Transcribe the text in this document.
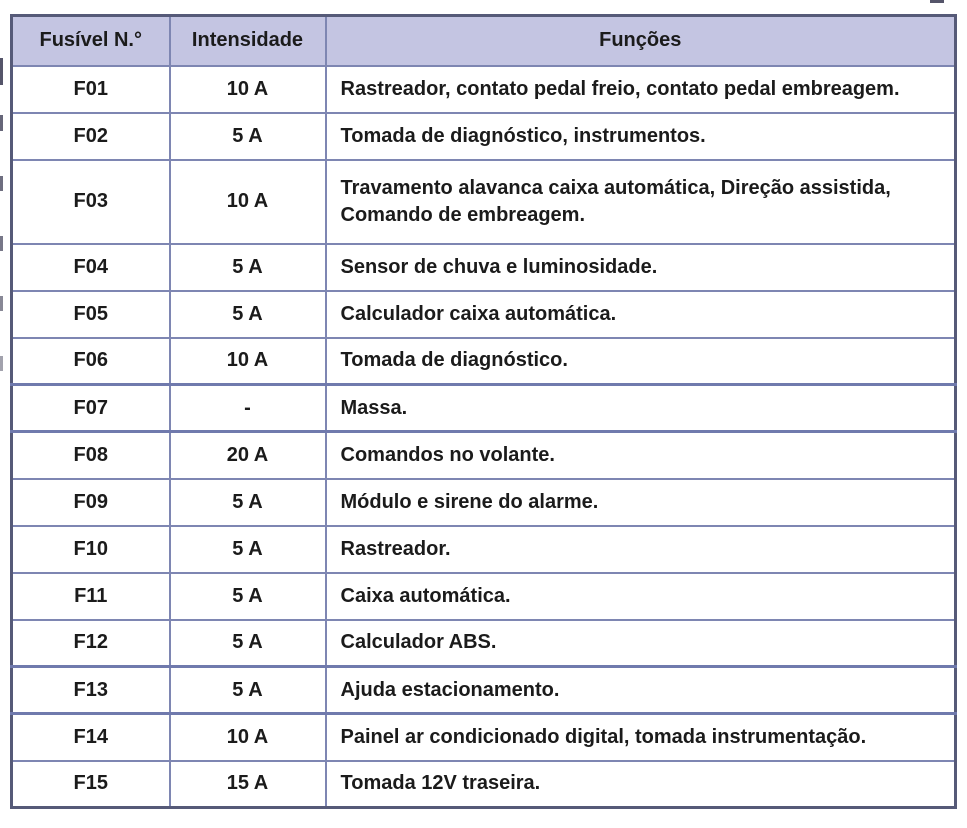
Fusível N.°	Intensidade	Funções
F01	10 A	Rastreador, contato pedal freio, contato pedal embreagem.
F02	5 A	Tomada de diagnóstico, instrumentos.
F03	10 A	Travamento alavanca caixa automática, Direção assistida, Comando de embreagem.
F04	5 A	Sensor de chuva e luminosidade.
F05	5 A	Calculador caixa automática.
F06	10 A	Tomada de diagnóstico.
F07	-	Massa.
F08	20 A	Comandos no volante.
F09	5 A	Módulo e sirene do alarme.
F10	5 A	Rastreador.
F11	5 A	Caixa automática.
F12	5 A	Calculador ABS.
F13	5 A	Ajuda estacionamento.
F14	10 A	Painel ar condicionado digital, tomada instrumentação.
F15	15 A	Tomada 12V traseira.
